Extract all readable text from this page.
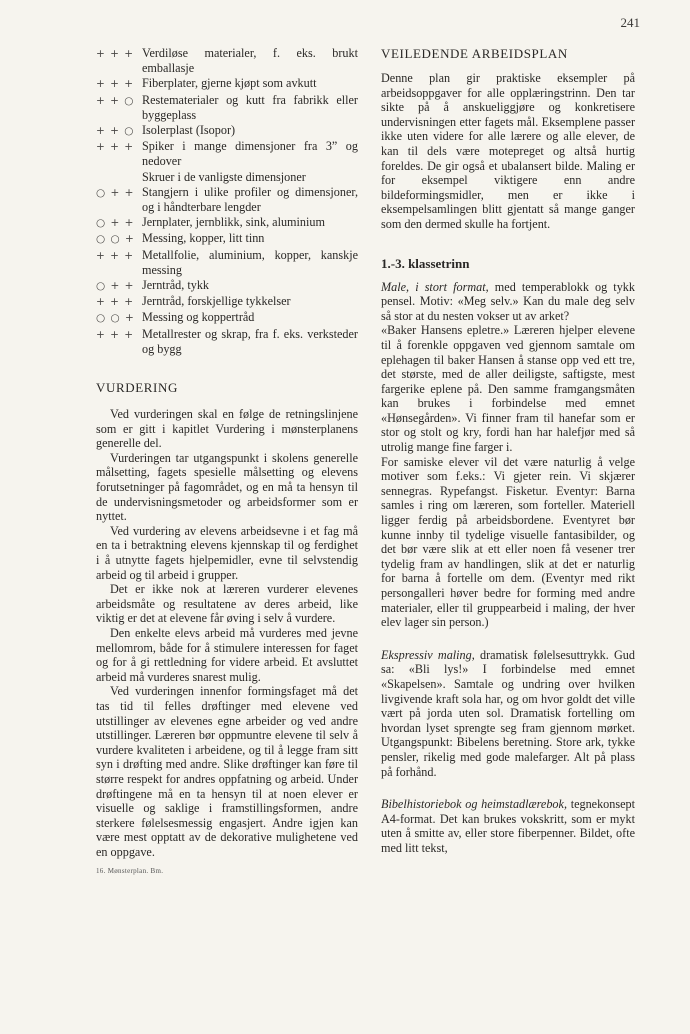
241
+ + + Verdiløse materialer, f. eks. brukt emballasje
+ + + Fiberplater, gjerne kjøpt som avkutt
+ + ○ Restematerialer og kutt fra fabrikk eller byggeplass
+ + ○ Isolerplast (Isopor)
+ + + Spiker i mange dimensjoner fra 3” og nedover
Skruer i de vanligste dimensjoner
○ + + Stangjern i ulike profiler og dimensjoner, og i håndterbare lengder
○ + + Jernplater, jernblikk, sink, aluminium
○ ○ + Messing, kopper, litt tinn
+ + + Metallfolie, aluminium, kopper, kanskje messing
○ + + Jerntråd, tykk
+ + + Jerntråd, forskjellige tykkelser
○ ○ + Messing og koppertråd
+ + + Metallrester og skrap, fra f. eks. verksteder og bygg
VURDERING

Ved vurderingen skal en følge de retningslinjene som er gitt i kapitlet Vurdering i mønsterplanens generelle del.

Vurderingen tar utgangspunkt i skolens generelle målsetting, fagets spesielle målsetting og elevens forutsetninger på fagområdet, og en må ta hensyn til de undervisningsmetoder og arbeidsformer som er nyttet.

Ved vurdering av elevens arbeidsevne i et fag må en ta i betraktning elevens kjennskap til og ferdighet i å utnytte fagets hjelpemidler, evne til selvstendig arbeid og til arbeid i grupper.

Det er ikke nok at læreren vurderer elevenes arbeidsmåte og resultatene av deres arbeid, like viktig er det at elevene får øving i selv å vurdere.

Den enkelte elevs arbeid må vurderes med jevne mellomrom, både for å stimulere interessen for faget og for å gi rettledning for videre arbeid. Et avsluttet arbeid må vurderes snarest mulig.

Ved vurderingen innenfor formingsfaget må det tas tid til felles drøftinger med elevene ved utstillinger av elevenes egne arbeider og ved andre utstillinger. Læreren bør oppmuntre elevene til selv å vurdere kvaliteten i arbeidene, og til å legge fram sitt syn i drøfting med andre. Slike drøftinger kan føre til større respekt for andres oppfatning og arbeid. Under drøftingene må en ta hensyn til at noen elever er visuelle og saklige i framstillingsformen, andre sterkere følelsesmessig engasjert. Andre igjen kan være mest opptatt av de dekorative mulighetene ved en oppgave.

16. Mønsterplan. Bm.
VEILEDENDE ARBEIDSPLAN

Denne plan gir praktiske eksempler på arbeidsoppgaver for alle opplæringstrinn. Den tar sikte på å anskueliggjøre og konkretisere undervisningen etter fagets mål. Eksemplene passer ikke uten videre for alle lærere og alle elever, de kan til dels være motepreget og altså hurtig foreldes. De gir også et ubalansert bilde. Maling er for eksempel viktigere enn andre bildeformingsmidler, men er ikke i eksempelsamlingen blitt gjentatt så mange ganger som den dermed skulle ha fortjent.

1.-3. klassetrinn

Male, i stort format, med temperablokk og tykk pensel. Motiv: «Meg selv.» Kan du male deg selv så stor at du nesten vokser ut av arket?

«Baker Hansens epletre.» Læreren hjelper elevene til å forenkle oppgaven ved gjennom samtale om eplehagen til baker Hansen å stanse opp ved ett tre, det største, med de aller deiligste, saftigste, mest fargerike eplene på. Den samme framgangsmåten kan brukes i forbindelse med emnet «Hønsegården». Vi finner fram til hanefar som er stor og stolt og kry, fordi han har halefjør med så utrolig mange fine farger i.

For samiske elever vil det være naturlig å velge motiver som f.eks.: Vi gjeter rein. Vi skjærer sennegras. Rypefangst. Fisketur. Eventyr: Barna samles i ring om læreren, som forteller. Materiell ligger ferdig på arbeidsbordene. Eventyret bør kunne innby til tydelige visuelle fantasibilder, og det bør være slik at ett eller noen få vesener trer tydelig fram av handlingen, slik at det er naturlig for barna å fortelle om dem. (Eventyr med rikt persongalleri høver bedre for forming med andre materialer, eller til gruppearbeid i maling, der hver elev lager sin person.)

Ekspressiv maling, dramatisk følelsesuttrykk. Gud sa: «Bli lys!» I forbindelse med emnet «Skapelsen». Samtale og undring over hvilken livgivende kraft sola har, og om hvor goldt det ville vært på jorda uten sol. Dramatisk fortelling om hvordan lyset sprengte seg fram gjennom mørket. Utgangspunkt: Bibelens beretning. Store ark, tykke pensler, rikelig med gode malefarger. Alt på plass på forhånd.

Bibelhistoriebok og heimstadlærebok, tegnekonsept A4-format. Det kan brukes vokskritt, som er mykt uten å smitte av, eller store fiberpenner. Bildet, ofte med litt tekst,
